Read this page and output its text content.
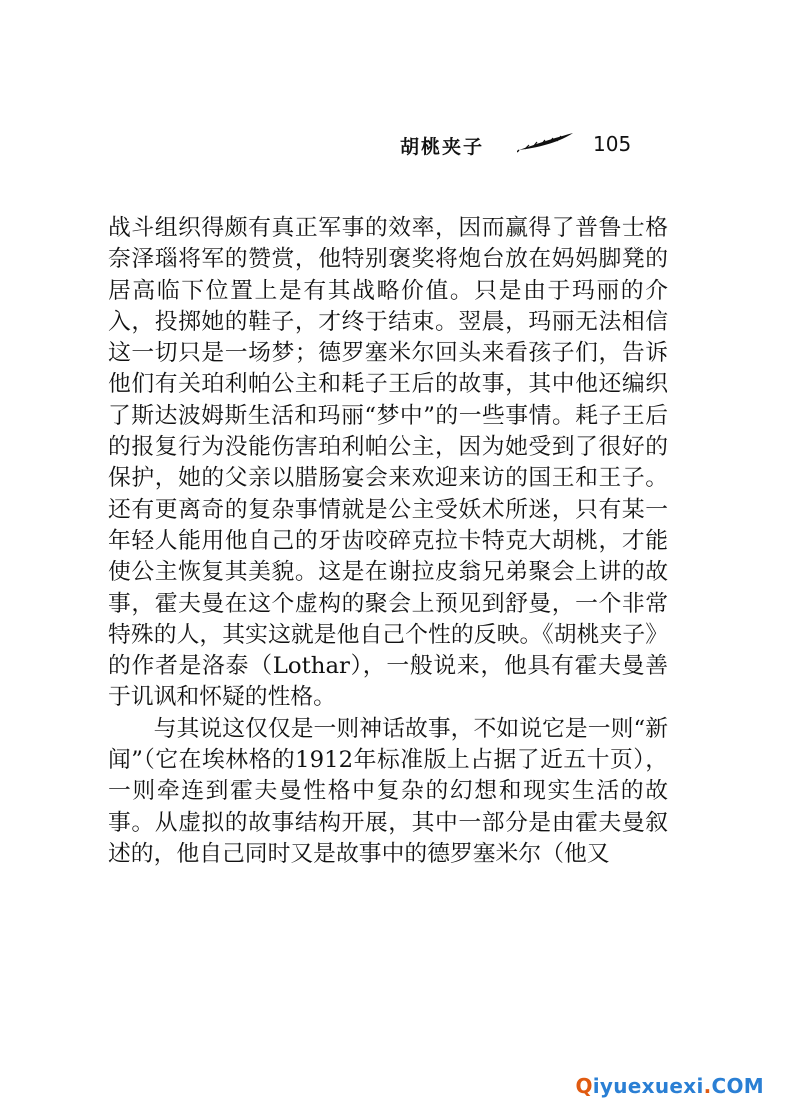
胡桃夹子	105

战斗组织得颇有真正军事的效率，因而赢得了普鲁士格奈泽瑙将军的赞赏，他特别褒奖将炮台放在妈妈脚凳的居高临下位置上是有其战略价值。只是由于玛丽的介入，投掷她的鞋子，才终于结束。翌晨，玛丽无法相信这一切只是一场梦；德罗塞米尔回头来看孩子们，告诉他们有关珀利帕公主和耗子王后的故事，其中他还编织了斯达波姆斯生活和玛丽“梦中”的一些事情。耗子王后的报复行为没能伤害珀利帕公主，因为她受到了很好的保护，她的父亲以腊肠宴会来欢迎来访的国王和王子。还有更离奇的复杂事情就是公主受妖术所迷，只有某一年轻人能用他自己的牙齿咬碎克拉卡特克大胡桃，才能使公主恢复其美貌。这是在谢拉皮翁兄弟聚会上讲的故事，霍夫曼在这个虚构的聚会上预见到舒曼，一个非常特殊的人，其实这就是他自己个性的反映。《胡桃夹子》的作者是洛泰（Lothar），一般说来，他具有霍夫曼善于讥讽和怀疑的性格。

与其说这仅仅是一则神话故事，不如说它是一则“新闻”（它在埃林格的1912年标准版上占据了近五十页），一则牵连到霍夫曼性格中复杂的幻想和现实生活的故事。从虚拟的故事结构开展，其中一部分是由霍夫曼叙述的，他自己同时又是故事中的德罗塞米尔（他又

Qiyuexuexi.COM
